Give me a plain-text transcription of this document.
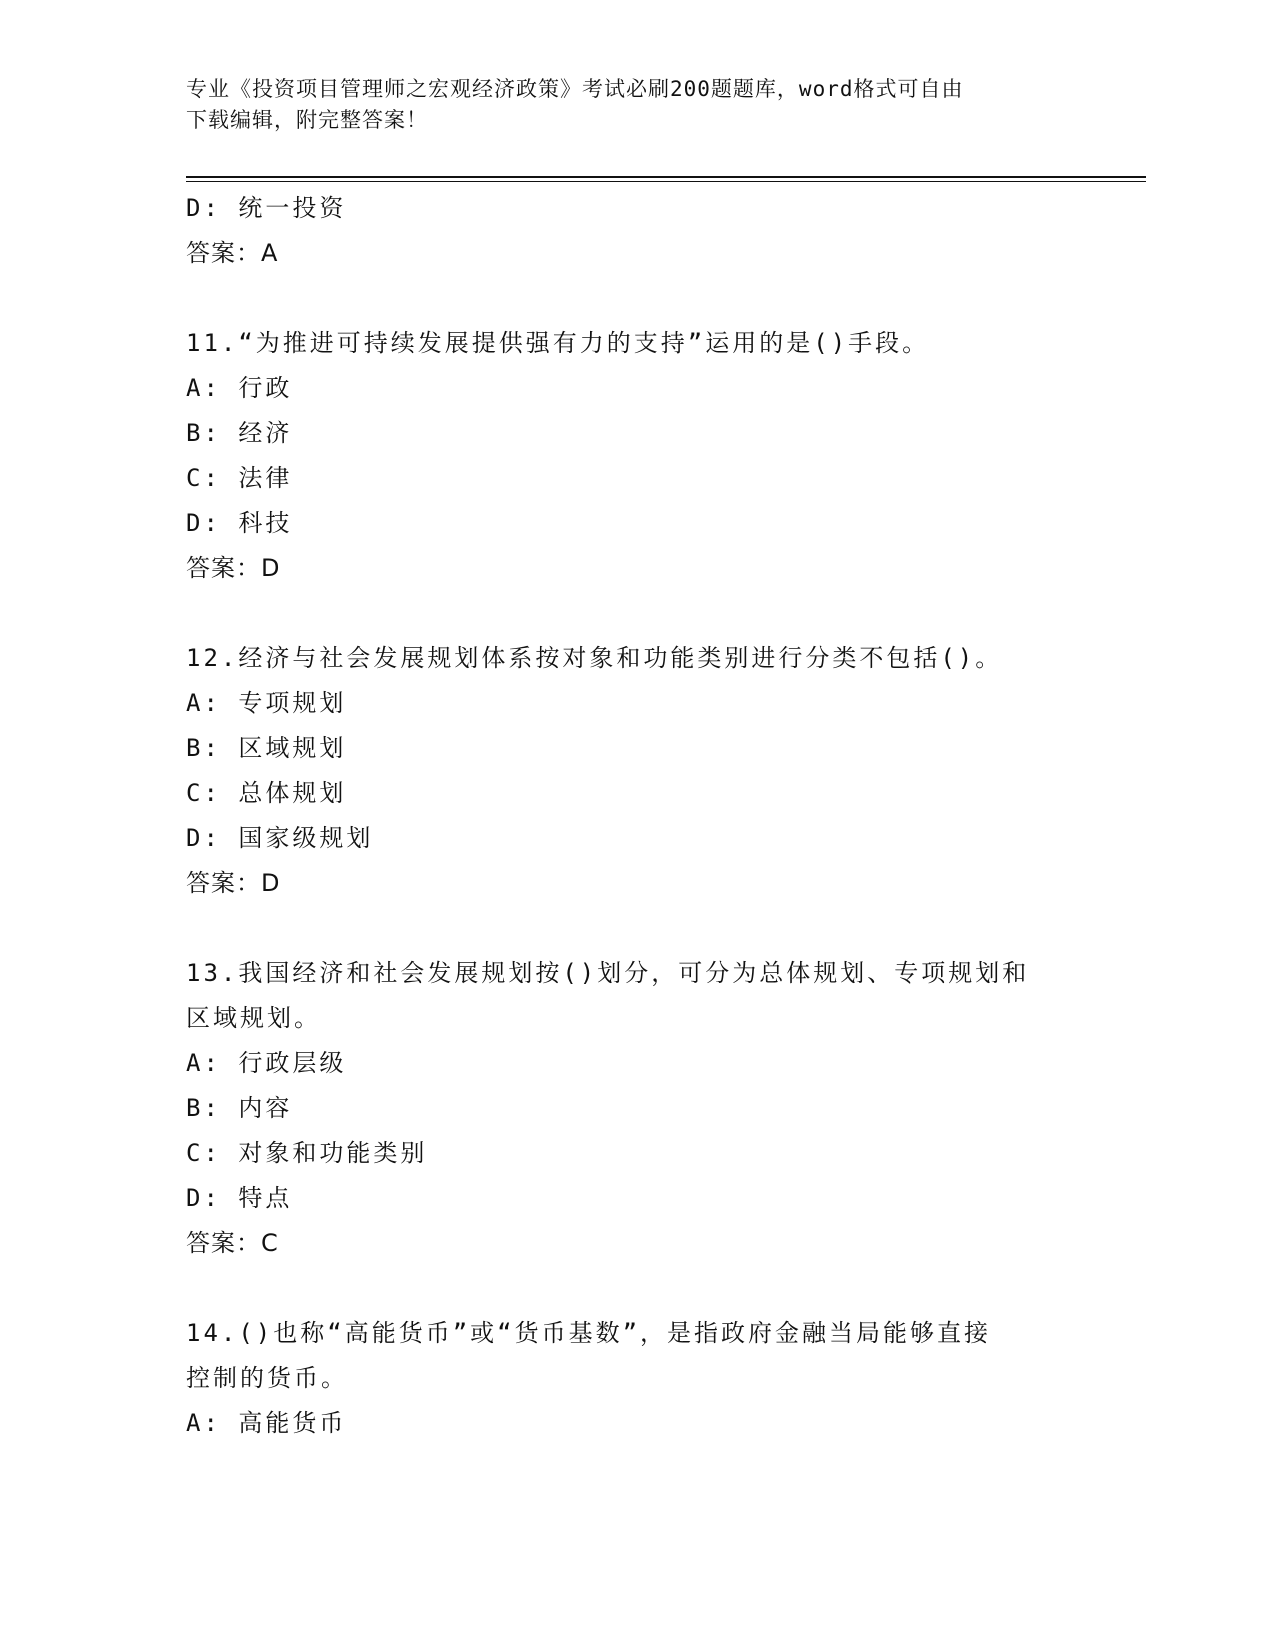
专业《投资项目管理师之宏观经济政策》考试必刷200题题库，word格式可自由
下载编辑，附完整答案！
D: 统一投资
答案：A
11.“为推进可持续发展提供强有力的支持”运用的是()手段。
A: 行政
B: 经济
C: 法律
D: 科技
答案：D
12.经济与社会发展规划体系按对象和功能类别进行分类不包括()。
A: 专项规划
B: 区域规划
C: 总体规划
D: 国家级规划
答案：D
13.我国经济和社会发展规划按()划分，可分为总体规划、专项规划和
区域规划。
A: 行政层级
B: 内容
C: 对象和功能类别
D: 特点
答案：C
14.()也称“高能货币”或“货币基数”，是指政府金融当局能够直接
控制的货币。
A: 高能货币
